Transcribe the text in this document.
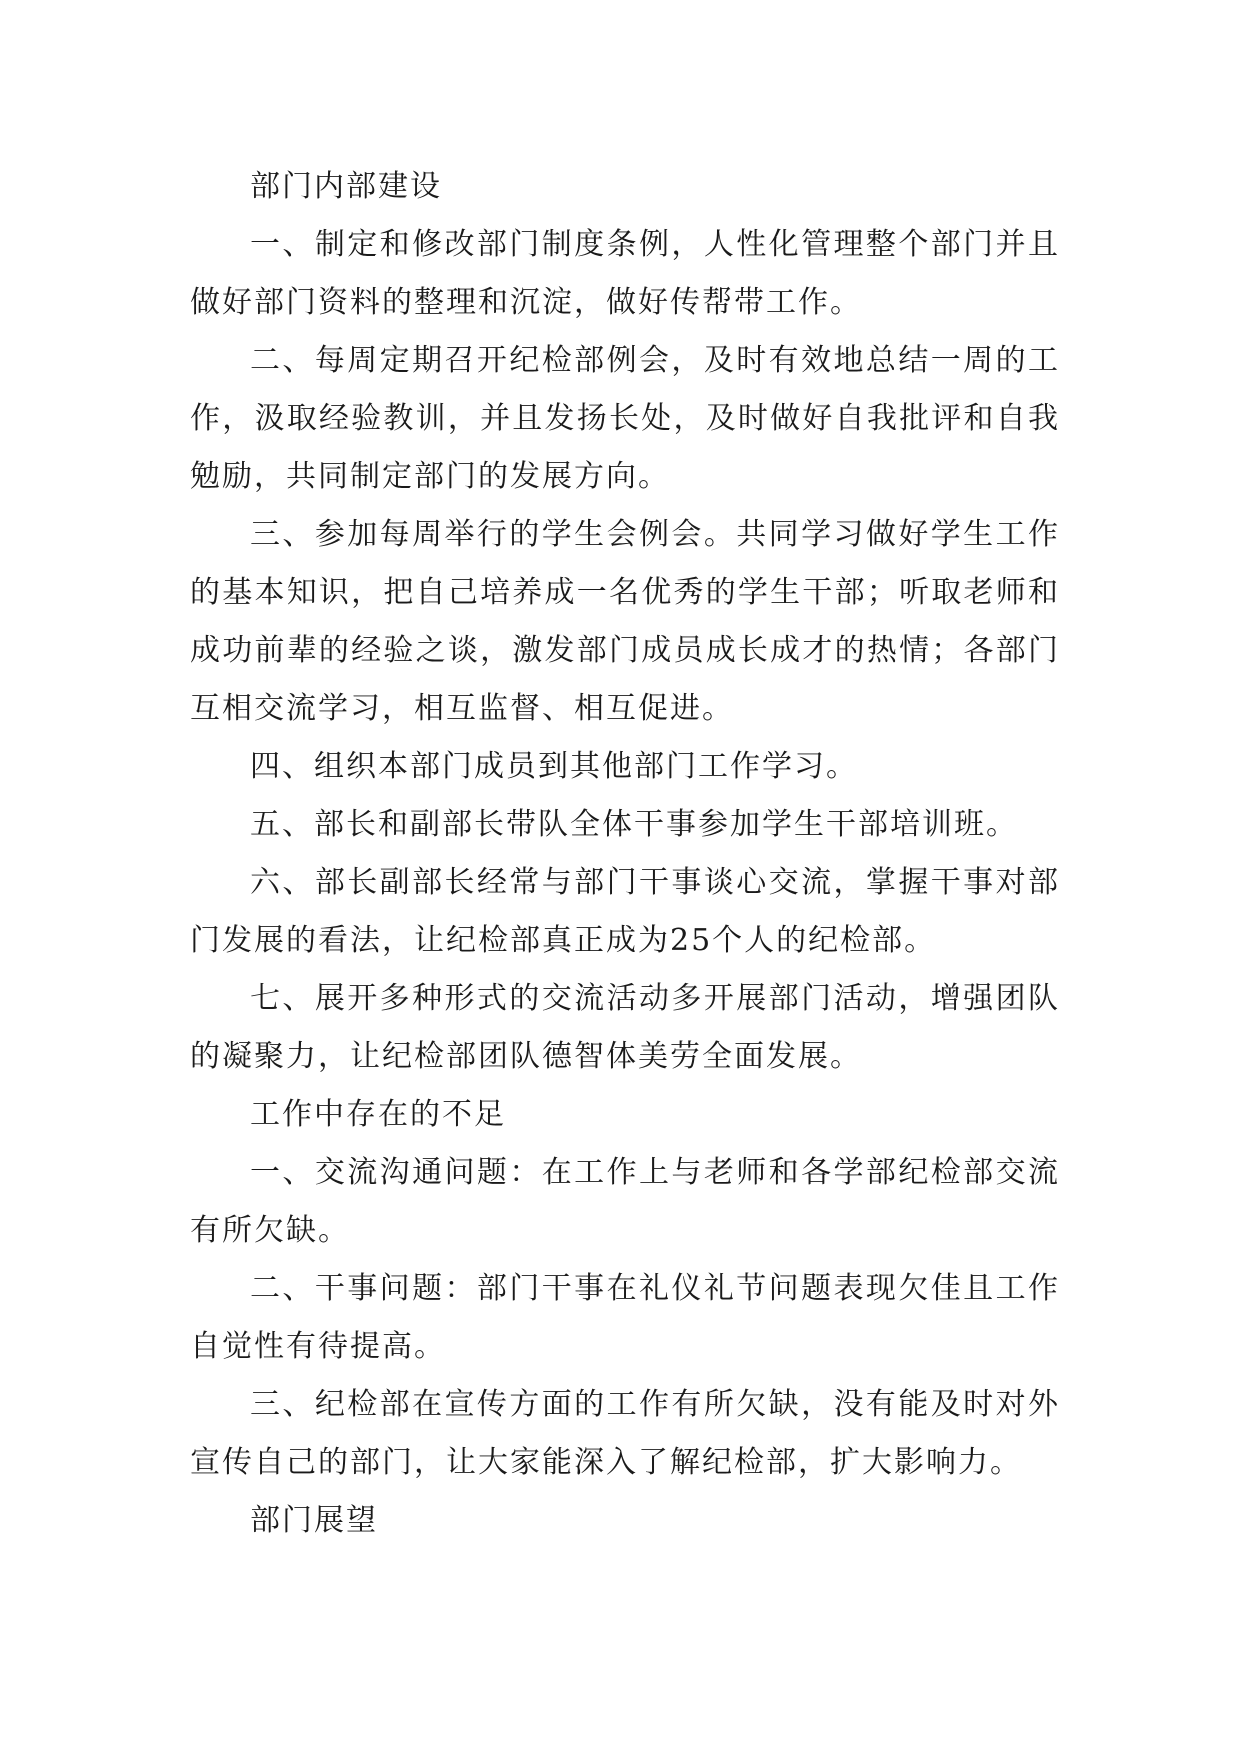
部门内部建设

一、制定和修改部门制度条例，人性化管理整个部门并且做好部门资料的整理和沉淀，做好传帮带工作。

二、每周定期召开纪检部例会，及时有效地总结一周的工作，汲取经验教训，并且发扬长处，及时做好自我批评和自我勉励，共同制定部门的发展方向。

三、参加每周举行的学生会例会。共同学习做好学生工作的基本知识，把自己培养成一名优秀的学生干部；听取老师和成功前辈的经验之谈，激发部门成员成长成才的热情；各部门互相交流学习，相互监督、相互促进。

四、组织本部门成员到其他部门工作学习。

五、部长和副部长带队全体干事参加学生干部培训班。

六、部长副部长经常与部门干事谈心交流，掌握干事对部门发展的看法，让纪检部真正成为25个人的纪检部。

七、展开多种形式的交流活动多开展部门活动，增强团队的凝聚力，让纪检部团队德智体美劳全面发展。

工作中存在的不足

一、交流沟通问题：在工作上与老师和各学部纪检部交流有所欠缺。

二、干事问题：部门干事在礼仪礼节问题表现欠佳且工作自觉性有待提高。

三、纪检部在宣传方面的工作有所欠缺，没有能及时对外宣传自己的部门，让大家能深入了解纪检部，扩大影响力。

部门展望
